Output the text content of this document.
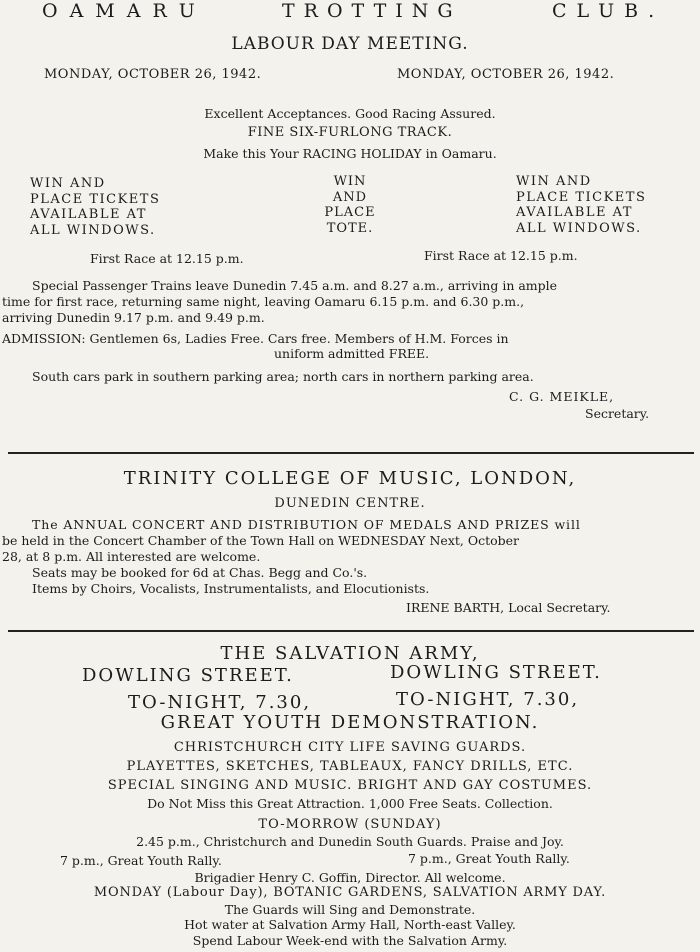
OAMARU	TROTTING	CLUB.
LABOUR DAY MEETING.
MONDAY, OCTOBER 26, 1942.	MONDAY, OCTOBER 26, 1942.
Excellent Acceptances. Good Racing Assured.
FINE SIX-FURLONG TRACK.
Make this Your RACING HOLIDAY in Oamaru.
WIN AND
PLACE TICKETS
AVAILABLE AT
ALL WINDOWS.
WIN
AND
PLACE
TOTE.
WIN AND
PLACE TICKETS
AVAILABLE AT
ALL WINDOWS.
First Race at 12.15 p.m.	First Race at 12.15 p.m.
Special Passenger Trains leave Dunedin 7.45 a.m. and 8.27 a.m., arriving in ample
time for first race, returning same night, leaving Oamaru 6.15 p.m. and 6.30 p.m.,
arriving Dunedin 9.17 p.m. and 9.49 p.m.
ADMISSION: Gentlemen 6s, Ladies Free. Cars free. Members of H.M. Forces in
uniform admitted FREE.
South cars park in southern parking area; north cars in northern parking area.
C. G. MEIKLE,
Secretary.
TRINITY COLLEGE OF MUSIC, LONDON,
DUNEDIN CENTRE.
The ANNUAL CONCERT AND DISTRIBUTION OF MEDALS AND PRIZES will
be held in the Concert Chamber of the Town Hall on WEDNESDAY Next, October
28, at 8 p.m. All interested are welcome.
Seats may be booked for 6d at Chas. Begg and Co.'s.
Items by Choirs, Vocalists, Instrumentalists, and Elocutionists.
IRENE BARTH, Local Secretary.
THE SALVATION ARMY,
DOWLING STREET.	DOWLING STREET.
TO-NIGHT, 7.30,	TO-NIGHT, 7.30,
GREAT YOUTH DEMONSTRATION.
CHRISTCHURCH CITY LIFE SAVING GUARDS.
PLAYETTES, SKETCHES, TABLEAUX, FANCY DRILLS, ETC.
SPECIAL SINGING AND MUSIC. BRIGHT AND GAY COSTUMES.
Do Not Miss this Great Attraction. 1,000 Free Seats. Collection.
TO-MORROW (SUNDAY)
2.45 p.m., Christchurch and Dunedin South Guards. Praise and Joy.
7 p.m., Great Youth Rally.	7 p.m., Great Youth Rally.
Brigadier Henry C. Goffin, Director. All welcome.
MONDAY (Labour Day), BOTANIC GARDENS, SALVATION ARMY DAY.
The Guards will Sing and Demonstrate.
Hot water at Salvation Army Hall, North-east Valley.
Spend Labour Week-end with the Salvation Army.
